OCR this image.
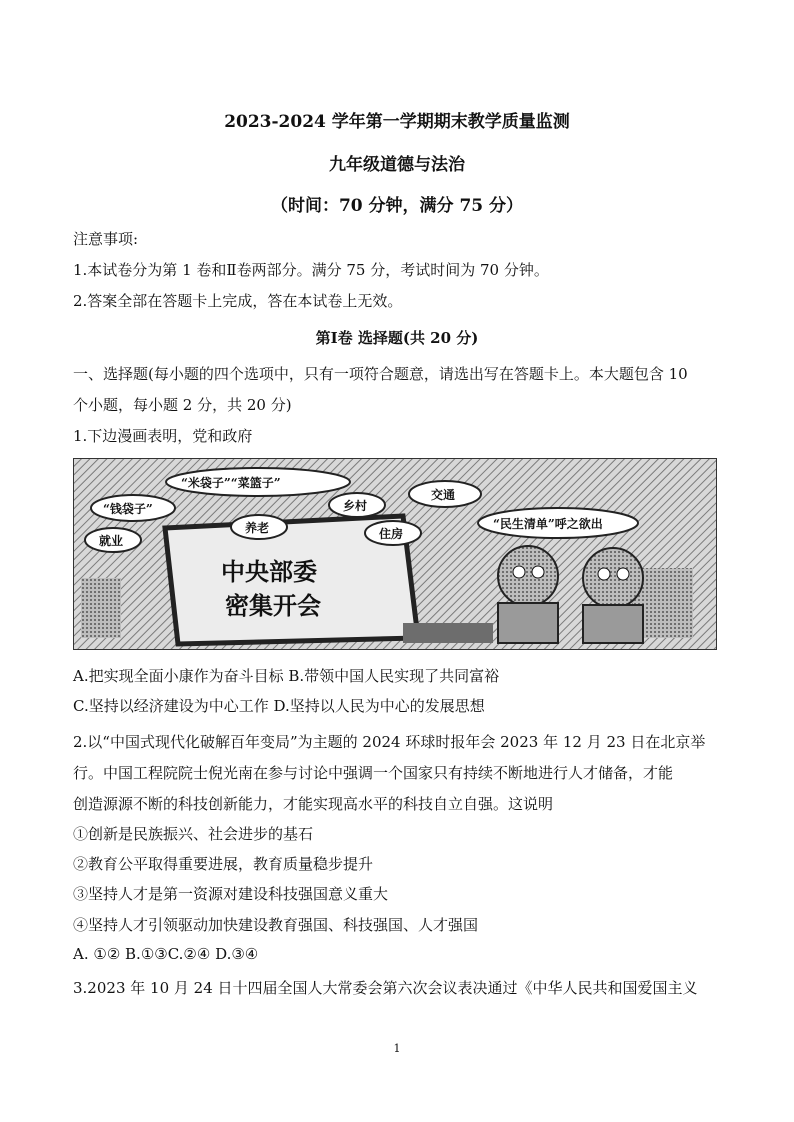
2023-2024 学年第一学期期末教学质量监测
九年级道德与法治
（时间：70 分钟，满分 75 分）
注意事项:
1.本试卷分为第 1 卷和Ⅱ卷两部分。满分 75 分，考试时间为 70 分钟。
2.答案全部在答题卡上完成，答在本试卷上无效。
第Ⅰ卷 选择题(共 20 分)
一、选择题(每小题的四个选项中，只有一项符合题意，请选出写在答题卡上。本大题包含 10
个小题，每小题 2 分，共 20 分)
1.下边漫画表明，党和政府
中央部委
密集开会
“米袋子”“菜篮子”
“钱袋子”	乡村
交通
就业
养老	住房
“民生清单”呼之欲出
A.把实现全面小康作为奋斗目标 B.带领中国人民实现了共同富裕
C.坚持以经济建设为中心工作 D.坚持以人民为中心的发展思想
2.以“中国式现代化破解百年变局”为主题的 2024 环球时报年会 2023 年 12 月 23 日在北京举
行。中国工程院院士倪光南在参与讨论中强调一个国家只有持续不断地进行人才储备，才能
创造源源不断的科技创新能力，才能实现高水平的科技自立自强。这说明
①创新是民族振兴、社会进步的基石
②教育公平取得重要进展，教育质量稳步提升
③坚持人才是第一资源对建设科技强国意义重大
④坚持人才引领驱动加快建设教育强国、科技强国、人才强国
A. ①② B.①③C.②④ D.③④
3.2023 年 10 月 24 日十四届全国人大常委会第六次会议表决通过《中华人民共和国爱国主义
1
